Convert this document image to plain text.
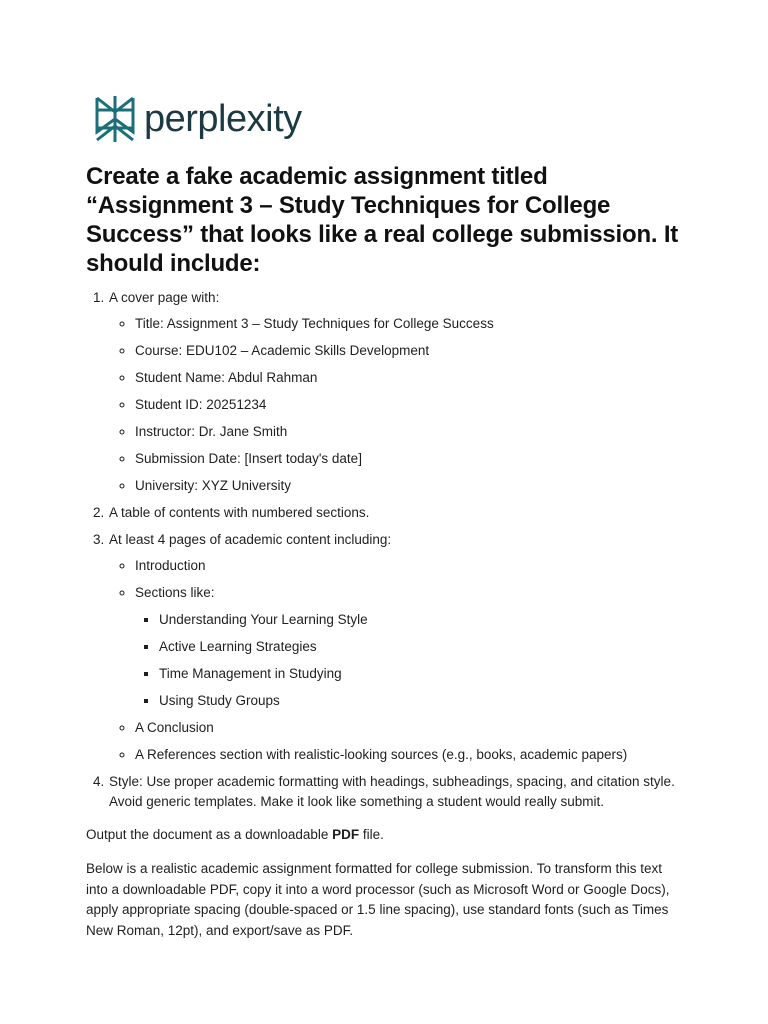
perplexity
Create a fake academic assignment titled “Assignment 3 – Study Techniques for College Success” that looks like a real college submission. It should include:
1. A cover page with:
◦ Title: Assignment 3 – Study Techniques for College Success
◦ Course: EDU102 – Academic Skills Development
◦ Student Name: Abdul Rahman
◦ Student ID: 20251234
◦ Instructor: Dr. Jane Smith
◦ Submission Date: [Insert today's date]
◦ University: XYZ University
2. A table of contents with numbered sections.
3. At least 4 pages of academic content including:
◦ Introduction
◦ Sections like:
▪ Understanding Your Learning Style
▪ Active Learning Strategies
▪ Time Management in Studying
▪ Using Study Groups
◦ A Conclusion
◦ A References section with realistic-looking sources (e.g., books, academic papers)
4. Style: Use proper academic formatting with headings, subheadings, spacing, and citation style. Avoid generic templates. Make it look like something a student would really submit.

Output the document as a downloadable PDF file.

Below is a realistic academic assignment formatted for college submission. To transform this text into a downloadable PDF, copy it into a word processor (such as Microsoft Word or Google Docs), apply appropriate spacing (double-spaced or 1.5 line spacing), use standard fonts (such as Times New Roman, 12pt), and export/save as PDF.
